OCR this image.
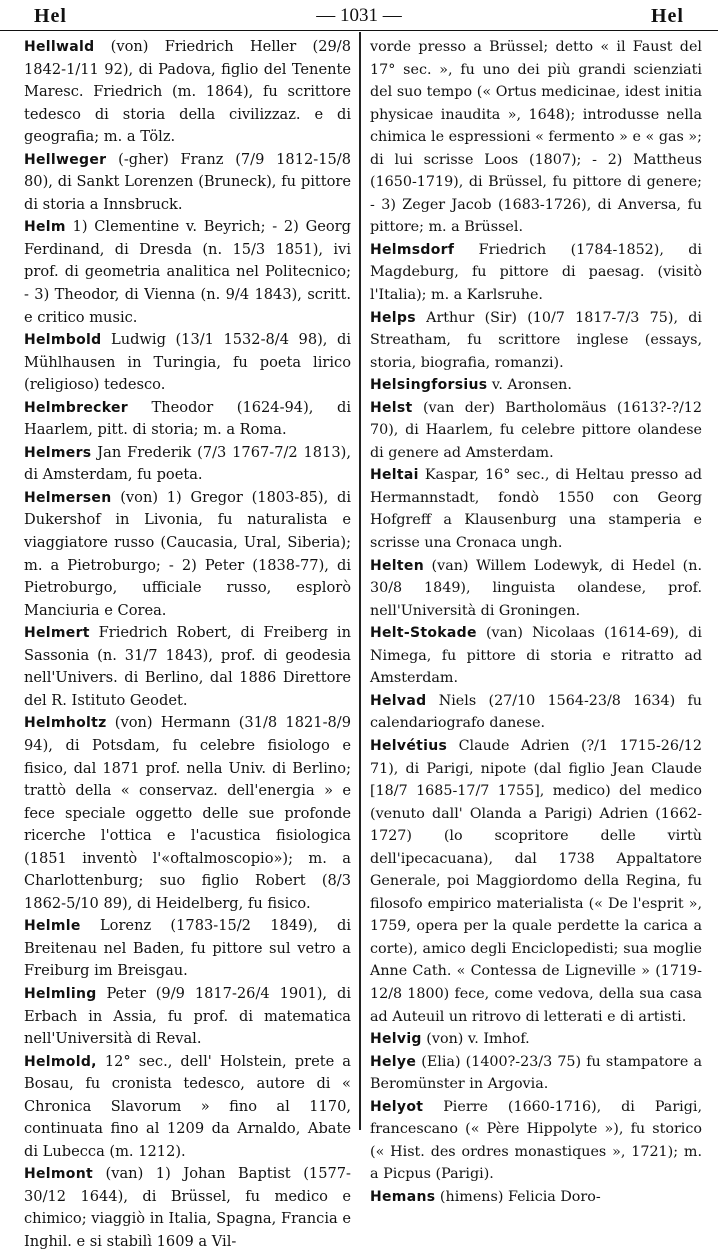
Hel	— 1031 —	Hel

Hellwald (von) Friedrich Heller (29/8 1842-1/11 92), di Padova, figlio del Tenente Maresc. Friedrich (m. 1864), fu scrittore tedesco di storia della civilizzaz. e di geografia; m. a Tölz.

Hellweger (-gher) Franz (7/9 1812-15/8 80), di Sankt Lorenzen (Bruneck), fu pittore di storia a Innsbruck.

Helm 1) Clementine v. Beyrich; - 2) Georg Ferdinand, di Dresda (n. 15/3 1851), ivi prof. di geometria analitica nel Politecnico; - 3) Theodor, di Vienna (n. 9/4 1843), scritt. e critico music.

Helmbold Ludwig (13/1 1532-8/4 98), di Mühlhausen in Turingia, fu poeta lirico (religioso) tedesco.

Helmbrecker Theodor (1624-94), di Haarlem, pitt. di storia; m. a Roma.

Helmers Jan Frederik (7/3 1767-7/2 1813), di Amsterdam, fu poeta.

Helmersen (von) 1) Gregor (1803-85), di Dukershof in Livonia, fu naturalista e viaggiatore russo (Caucasia, Ural, Siberia); m. a Pietroburgo; - 2) Peter (1838-77), di Pietroburgo, ufficiale russo, esplorò Manciuria e Corea.

Helmert Friedrich Robert, di Freiberg in Sassonia (n. 31/7 1843), prof. di geodesia nell'Univers. di Berlino, dal 1886 Direttore del R. Istituto Geodet.

Helmholtz (von) Hermann (31/8 1821-8/9 94), di Potsdam, fu celebre fisiologo e fisico, dal 1871 prof. nella Univ. di Berlino; trattò della « conservaz. dell'energia » e fece speciale oggetto delle sue profonde ricerche l'ottica e l'acustica fisiologica (1851 inventò l'«oftalmoscopio»); m. a Charlottenburg; suo figlio Robert (8/3 1862-5/10 89), di Heidelberg, fu fisico.

Helmle Lorenz (1783-15/2 1849), di Breitenau nel Baden, fu pittore sul vetro a Freiburg im Breisgau.

Helmling Peter (9/9 1817-26/4 1901), di Erbach in Assia, fu prof. di matematica nell'Università di Reval.

Helmold, 12° sec., dell' Holstein, prete a Bosau, fu cronista tedesco, autore di « Chronica Slavorum » fino al 1170, continuata fino al 1209 da Arnaldo, Abate di Lubecca (m. 1212).

Helmont (van) 1) Johan Baptist (1577-30/12 1644), di Brüssel, fu medico e chimico; viaggiò in Italia, Spagna, Francia e Inghil. e si stabilì 1609 a Vil-

vorde presso a Brüssel; detto « il Faust del 17° sec. », fu uno dei più grandi scienziati del suo tempo (« Ortus medicinae, idest initia physicae inaudita », 1648); introdusse nella chimica le espressioni « fermento » e « gas »; di lui scrisse Loos (1807); - 2) Mattheus (1650-1719), di Brüssel, fu pittore di genere; - 3) Zeger Jacob (1683-1726), di Anversa, fu pittore; m. a Brüssel.

Helmsdorf Friedrich (1784-1852), di Magdeburg, fu pittore di paesag. (visitò l'Italia); m. a Karlsruhe.

Helps Arthur (Sir) (10/7 1817-7/3 75), di Streatham, fu scrittore inglese (essays, storia, biografia, romanzi).

Helsingforsius v. Aronsen.

Helst (van der) Bartholomäus (1613?-?/12 70), di Haarlem, fu celebre pittore olandese di genere ad Amsterdam.

Heltai Kaspar, 16° sec., di Heltau presso ad Hermannstadt, fondò 1550 con Georg Hofgreff a Klausenburg una stamperia e scrisse una Cronaca ungh.

Helten (van) Willem Lodewyk, di Hedel (n. 30/8 1849), linguista olandese, prof. nell'Università di Groningen.

Helt-Stokade (van) Nicolaas (1614-69), di Nimega, fu pittore di storia e ritratto ad Amsterdam.

Helvad Niels (27/10 1564-23/8 1634) fu calendariografo danese.

Helvétius Claude Adrien (?/1 1715-26/12 71), di Parigi, nipote (dal figlio Jean Claude [18/7 1685-17/7 1755], medico) del medico (venuto dall' Olanda a Parigi) Adrien (1662-1727) (lo scopritore delle virtù dell'ipecacuana), dal 1738 Appaltatore Generale, poi Maggiordomo della Regina, fu filosofo empirico materialista (« De l'esprit », 1759, opera per la quale perdette la carica a corte), amico degli Enciclopedisti; sua moglie Anne Cath. « Contessa de Ligneville » (1719-12/8 1800) fece, come vedova, della sua casa ad Auteuil un ritrovo di letterati e di artisti.

Helvig (von) v. Imhof.

Helye (Elia) (1400?-23/3 75) fu stampatore a Beromünster in Argovia.

Helyot Pierre (1660-1716), di Parigi, francescano (« Père Hippolyte »), fu storico (« Hist. des ordres monastiques », 1721); m. a Picpus (Parigi).

Hemans (himens) Felicia Doro-
